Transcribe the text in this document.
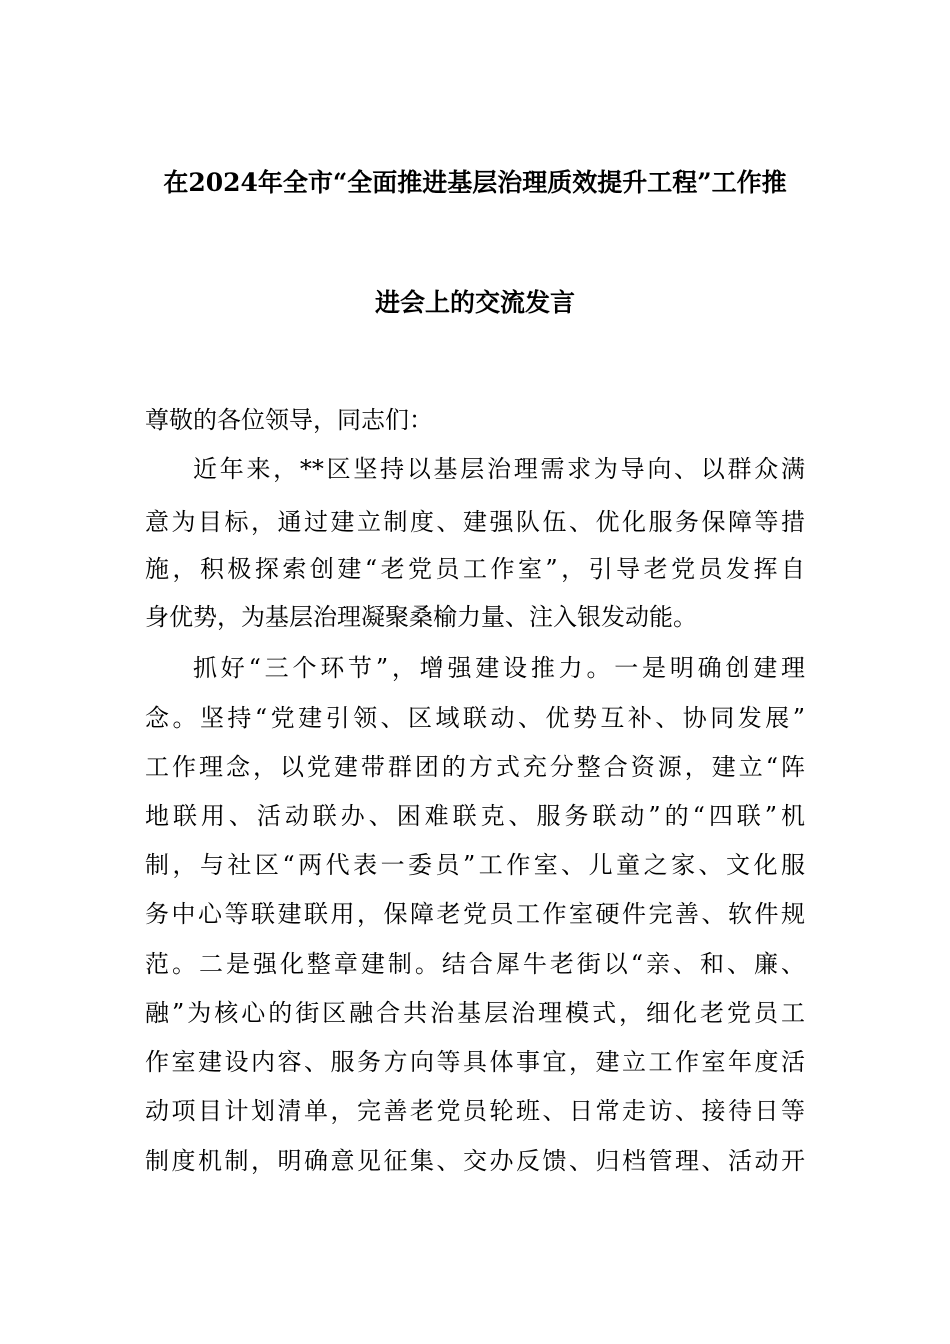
在2024年全市“全面推进基层治理质效提升工程”工作推
进会上的交流发言
尊敬的各位领导，同志们：
近年来，**区坚持以基层治理需求为导向、以群众满
意为目标，通过建立制度、建强队伍、优化服务保障等措
施，积极探索创建“老党员工作室”，引导老党员发挥自
身优势，为基层治理凝聚桑榆力量、注入银发动能。
抓好“三个环节”，增强建设推力。一是明确创建理
念。坚持“党建引领、区域联动、优势互补、协同发展”
工作理念，以党建带群团的方式充分整合资源，建立“阵
地联用、活动联办、困难联克、服务联动”的“四联”机
制，与社区“两代表一委员”工作室、儿童之家、文化服
务中心等联建联用，保障老党员工作室硬件完善、软件规
范。二是强化整章建制。结合犀牛老街以“亲、和、廉、
融”为核心的街区融合共治基层治理模式，细化老党员工
作室建设内容、服务方向等具体事宜，建立工作室年度活
动项目计划清单，完善老党员轮班、日常走访、接待日等
制度机制，明确意见征集、交办反馈、归档管理、活动开
